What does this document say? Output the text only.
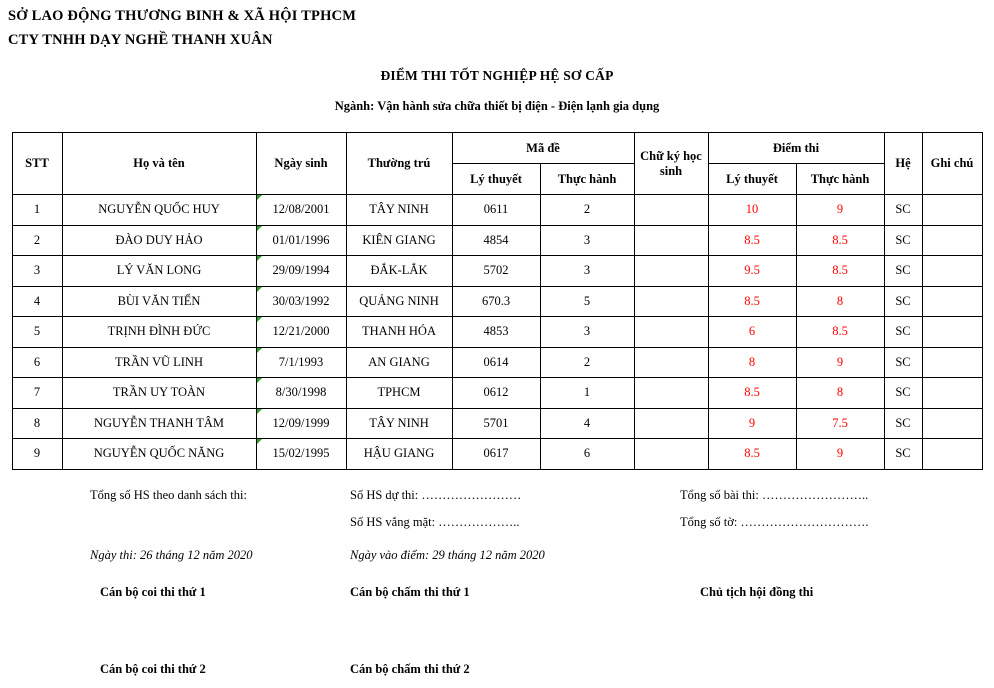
SỞ LAO ĐỘNG THƯƠNG BINH & XÃ HỘI TPHCM
CTY TNHH DẠY NGHỀ THANH XUÂN
ĐIỂM THI TỐT NGHIỆP HỆ SƠ CẤP
Ngành: Vận hành sửa chữa thiết bị điện - Điện lạnh gia dụng
STT	Họ và tên	Ngày sinh	Thường trú	Mã đề		Chữ ký học sinh	Điểm thi		Hệ	Ghi chú
				Lý thuyết	Thực hành		Lý thuyết	Thực hành		
1	NGUYỄN QUỐC HUY	12/08/2001	TÂY NINH	0611	2		10	9	SC	
2	ĐÀO DUY HẢO	01/01/1996	KIÊN GIANG	4854	3		8.5	8.5	SC	
3	LÝ VĂN LONG	29/09/1994	ĐẮK-LẮK	5702	3		9.5	8.5	SC	
4	BÙI VĂN TIẾN	30/03/1992	QUẢNG NINH	670.3	5		8.5	8	SC	
5	TRỊNH ĐÌNH ĐỨC	12/21/2000	THANH HÓA	4853	3		6	8.5	SC	
6	TRẦN VŨ LINH	7/1/1993	AN GIANG	0614	2		8	9	SC	
7	TRẦN UY TOÀN	8/30/1998	TPHCM	0612	1		8.5	8	SC	
8	NGUYỄN THANH TÂM	12/09/1999	TÂY NINH	5701	4		9	7.5	SC	
9	NGUYỄN QUỐC NĂNG	15/02/1995	HẬU GIANG	0617	6		8.5	9	SC	
Tổng số HS theo danh sách thi:	Số HS dự thi: ……………………	Tổng số bài thi: ……………………..
Số HS vắng mặt: ………………..	Tổng số tờ: ………………………….
Ngày thi: 26 tháng 12 năm 2020	Ngày vào điểm: 29 tháng 12 năm 2020
Cán bộ coi thi thứ 1	Cán bộ chấm thi thứ 1	Chủ tịch hội đồng thi
Cán bộ coi thi thứ 2	Cán bộ chấm thi thứ 2
